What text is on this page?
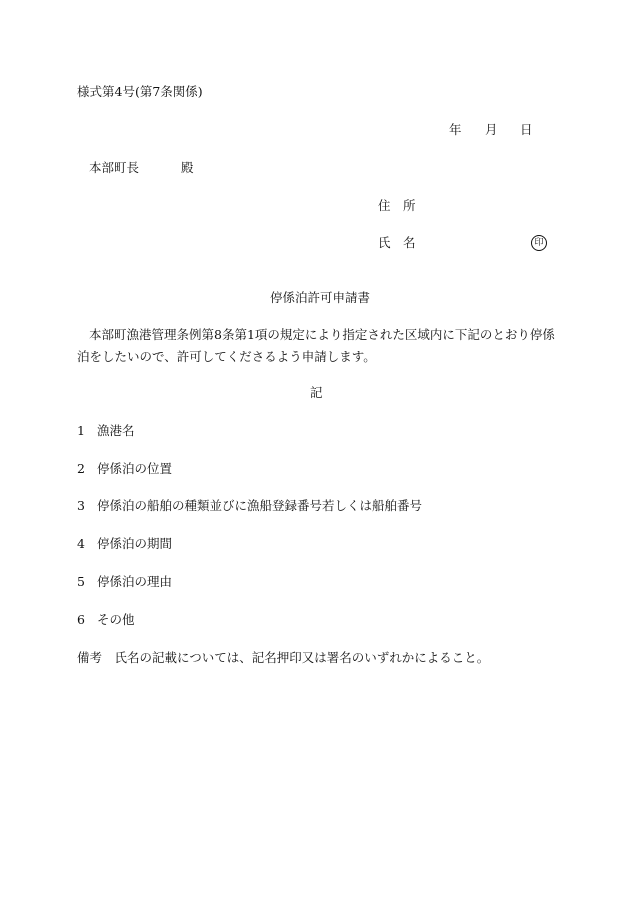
様式第4号(第7条関係)
年 月 日
本部町長	殿
住　所
氏　名	印
停係泊許可申請書
本部町漁港管理条例第8条第1項の規定により指定された区域内に下記のとおり停係泊をしたいので、許可してくださるよう申請します。
記
1 漁港名
2 停係泊の位置
3 停係泊の船舶の種類並びに漁船登録番号若しくは船舶番号
4 停係泊の期間
5 停係泊の理由
6 その他
備考　氏名の記載については、記名押印又は署名のいずれかによること。
